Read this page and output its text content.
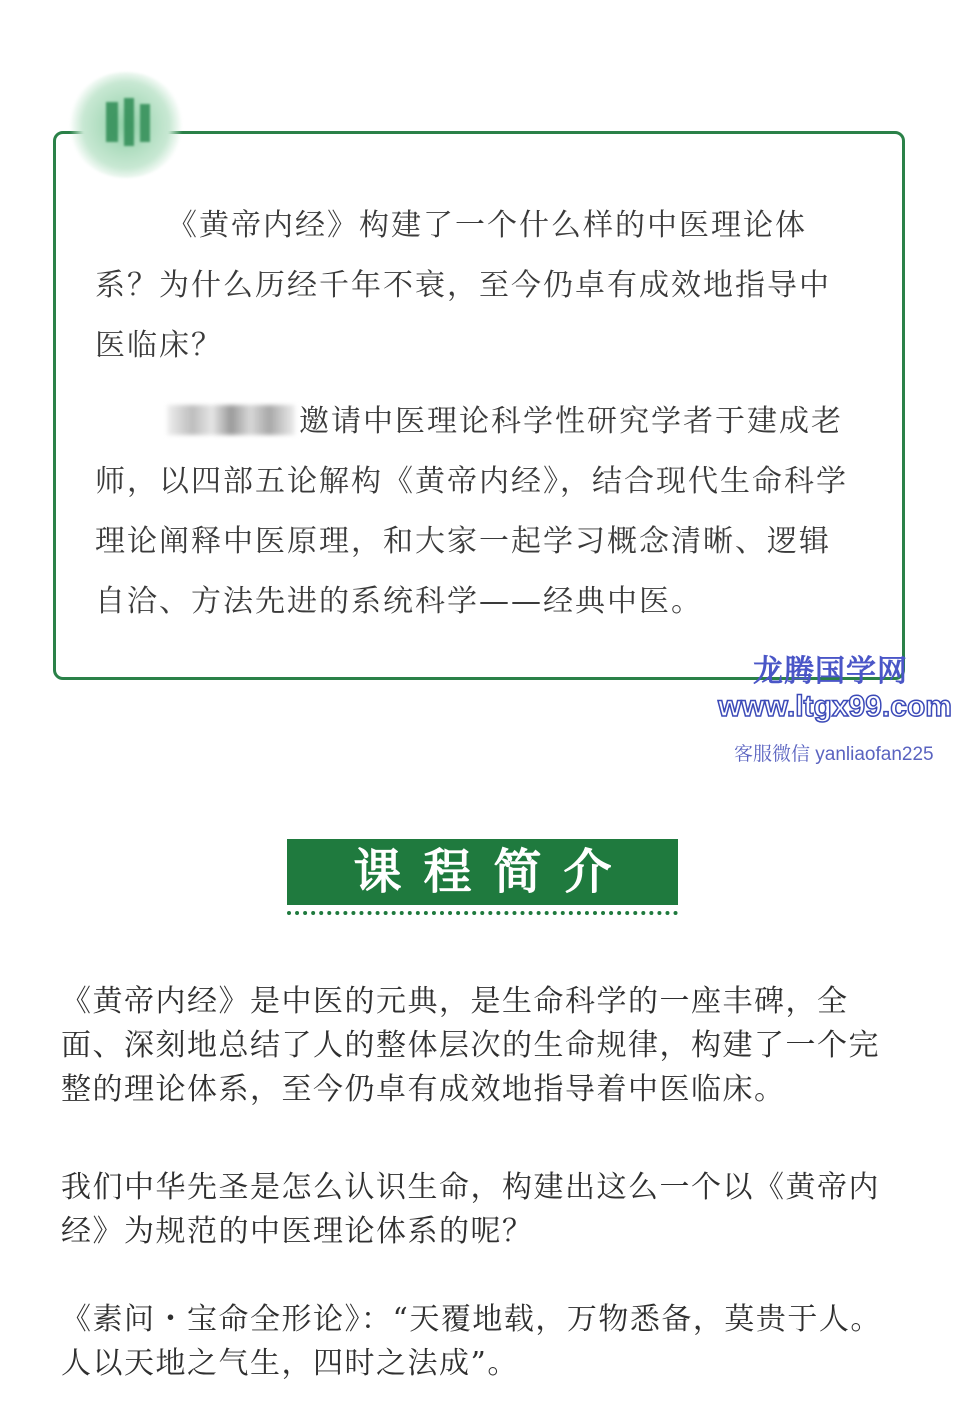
《黄帝内经》构建了一个什么样的中医理论体系？为什么历经千年不衰，至今仍卓有成效地指导中医临床？
邀请中医理论科学性研究学者于建成老师，以四部五论解构《黄帝内经》，结合现代生命科学理论阐释中医原理，和大家一起学习概念清晰、逻辑自洽、方法先进的系统科学——经典中医。
龙腾国学网
www.ltgx99.com
客服微信 yanliaofan225
课程简介
《黄帝内经》是中医的元典，是生命科学的一座丰碑，全面、深刻地总结了人的整体层次的生命规律，构建了一个完整的理论体系，至今仍卓有成效地指导着中医临床。
我们中华先圣是怎么认识生命，构建出这么一个以《黄帝内经》为规范的中医理论体系的呢？
《素问・宝命全形论》：“天覆地载，万物悉备，莫贵于人。人以天地之气生，四时之法成”。
